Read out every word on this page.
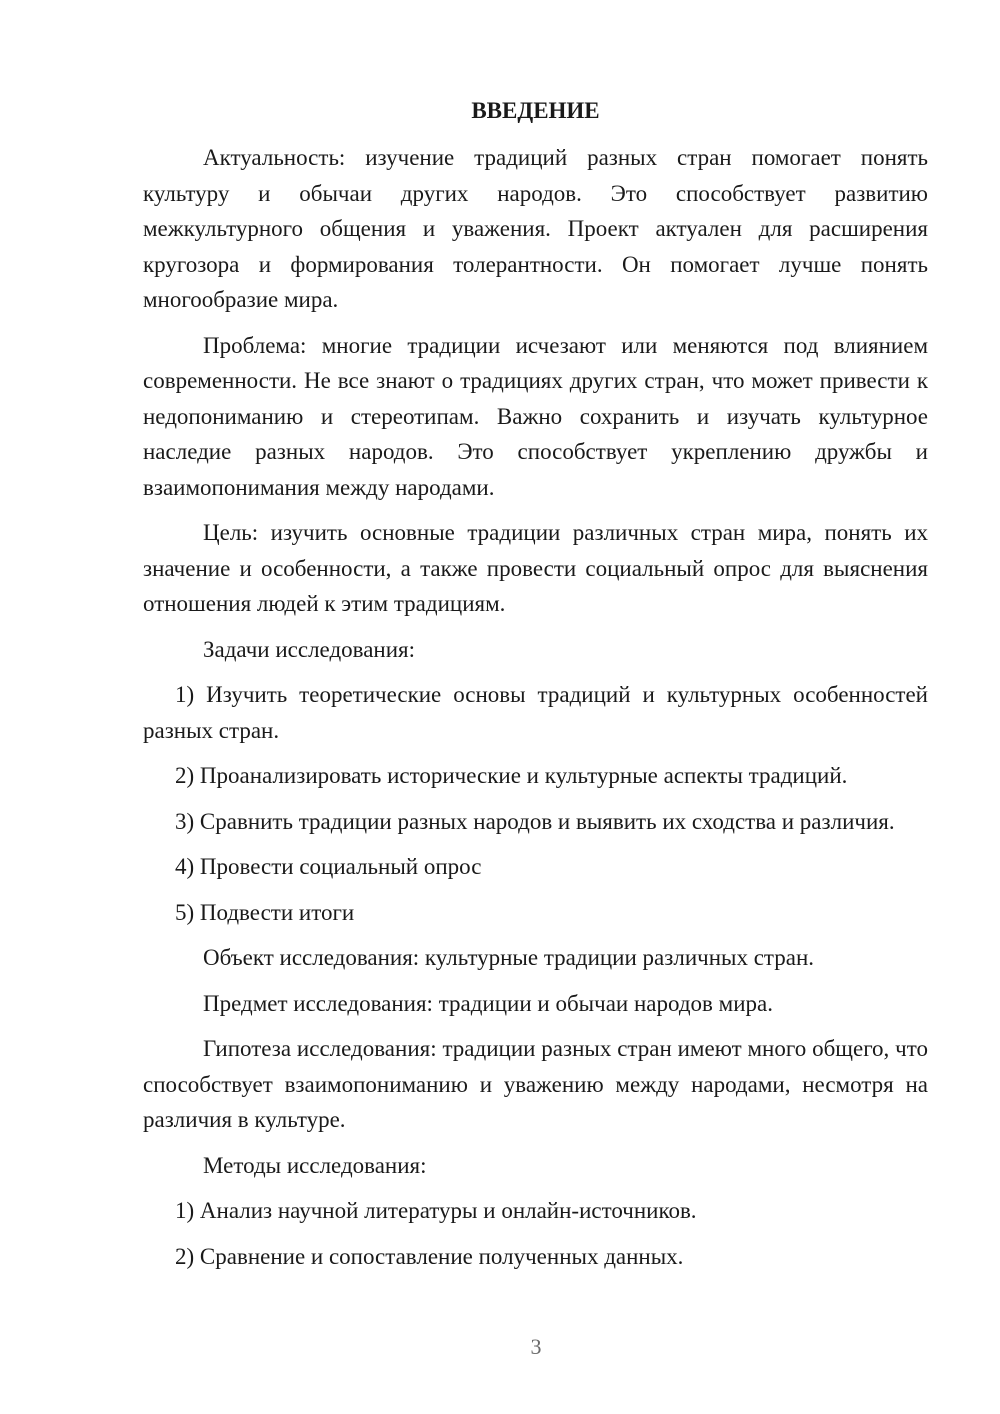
ВВЕДЕНИЕ

Актуальность: изучение традиций разных стран помогает понять культуру и обычаи других народов. Это способствует развитию межкультурного общения и уважения. Проект актуален для расширения кругозора и формирования толерантности. Он помогает лучше понять многообразие мира.

Проблема: многие традиции исчезают или меняются под влиянием современности. Не все знают о традициях других стран, что может привести к недопониманию и стереотипам. Важно сохранить и изучать культурное наследие разных народов. Это способствует укреплению дружбы и взаимопонимания между народами.

Цель: изучить основные традиции различных стран мира, понять их значение и особенности, а также провести социальный опрос для выяснения отношения людей к этим традициям.

Задачи исследования:

1) Изучить теоретические основы традиций и культурных особенностей разных стран.

2) Проанализировать исторические и культурные аспекты традиций.

3) Сравнить традиции разных народов и выявить их сходства и различия.

4) Провести социальный опрос

5) Подвести итоги

Объект исследования: культурные традиции различных стран.

Предмет исследования: традиции и обычаи народов мира.

Гипотеза исследования: традиции разных стран имеют много общего, что способствует взаимопониманию и уважению между народами, несмотря на различия в культуре.

Методы исследования:

1) Анализ научной литературы и онлайн-источников.

2) Сравнение и сопоставление полученных данных.

3
